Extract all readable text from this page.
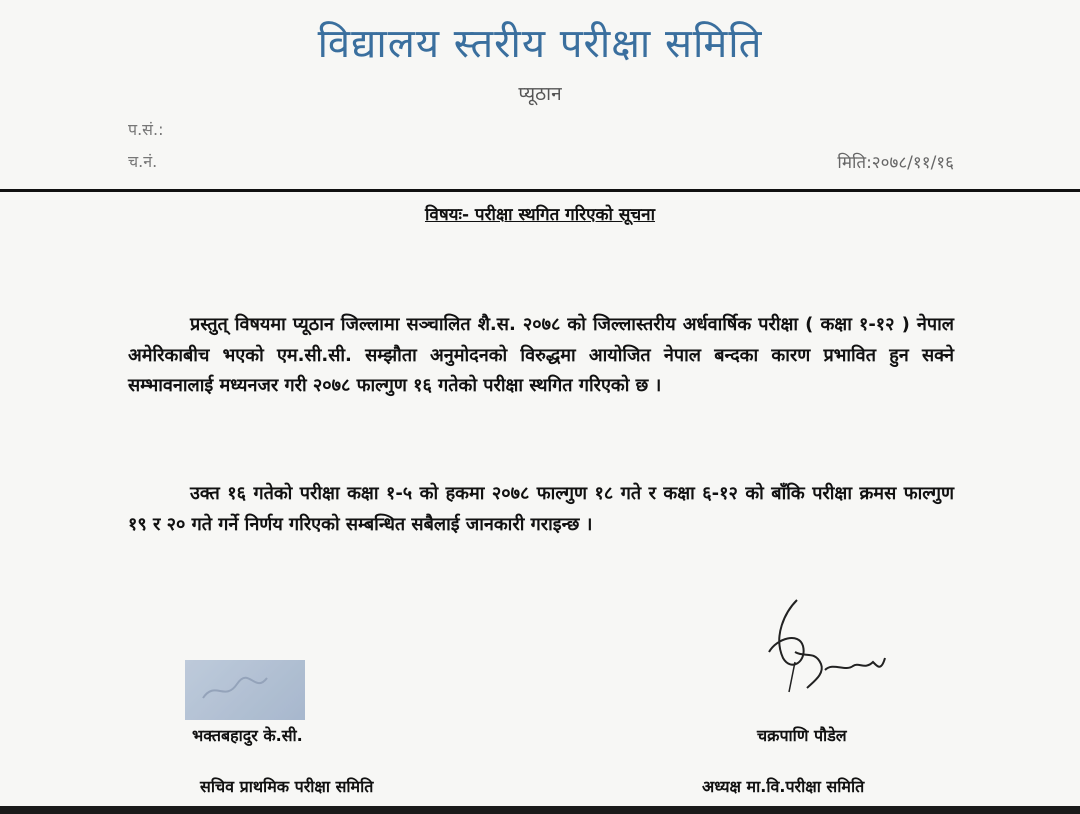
विद्यालय स्तरीय परीक्षा समिति
प्यूठान
प.सं.:
च.नं.	मिति:२०७८/११/१६
विषयः- परीक्षा स्थगित गरिएको सूचना
प्रस्तुत् विषयमा प्यूठान जिल्लामा सञ्चालित शै.स. २०७८ को जिल्लास्तरीय अर्धवार्षिक परीक्षा ( कक्षा १-१२ ) नेपाल अमेरिकाबीच भएको एम.सी.सी. सम्झौता अनुमोदनको विरुद्धमा आयोजित नेपाल बन्दका कारण प्रभावित हुन सक्ने सम्भावनालाई मध्यनजर गरी २०७८ फाल्गुण १६ गतेको परीक्षा स्थगित गरिएको छ ।
उक्त १६ गतेको परीक्षा कक्षा १-५ को हकमा २०७८ फाल्गुण १८ गते र कक्षा ६-१२ को बाँकि परीक्षा क्रमस फाल्गुण १९ र २० गते गर्ने निर्णय गरिएको सम्बन्धित सबैलाई जानकारी गराइन्छ ।
भक्तबहादुर के.सी.
सचिव प्राथमिक परीक्षा समिति
चक्रपाणि पौडेल
अध्यक्ष मा.वि.परीक्षा समिति
